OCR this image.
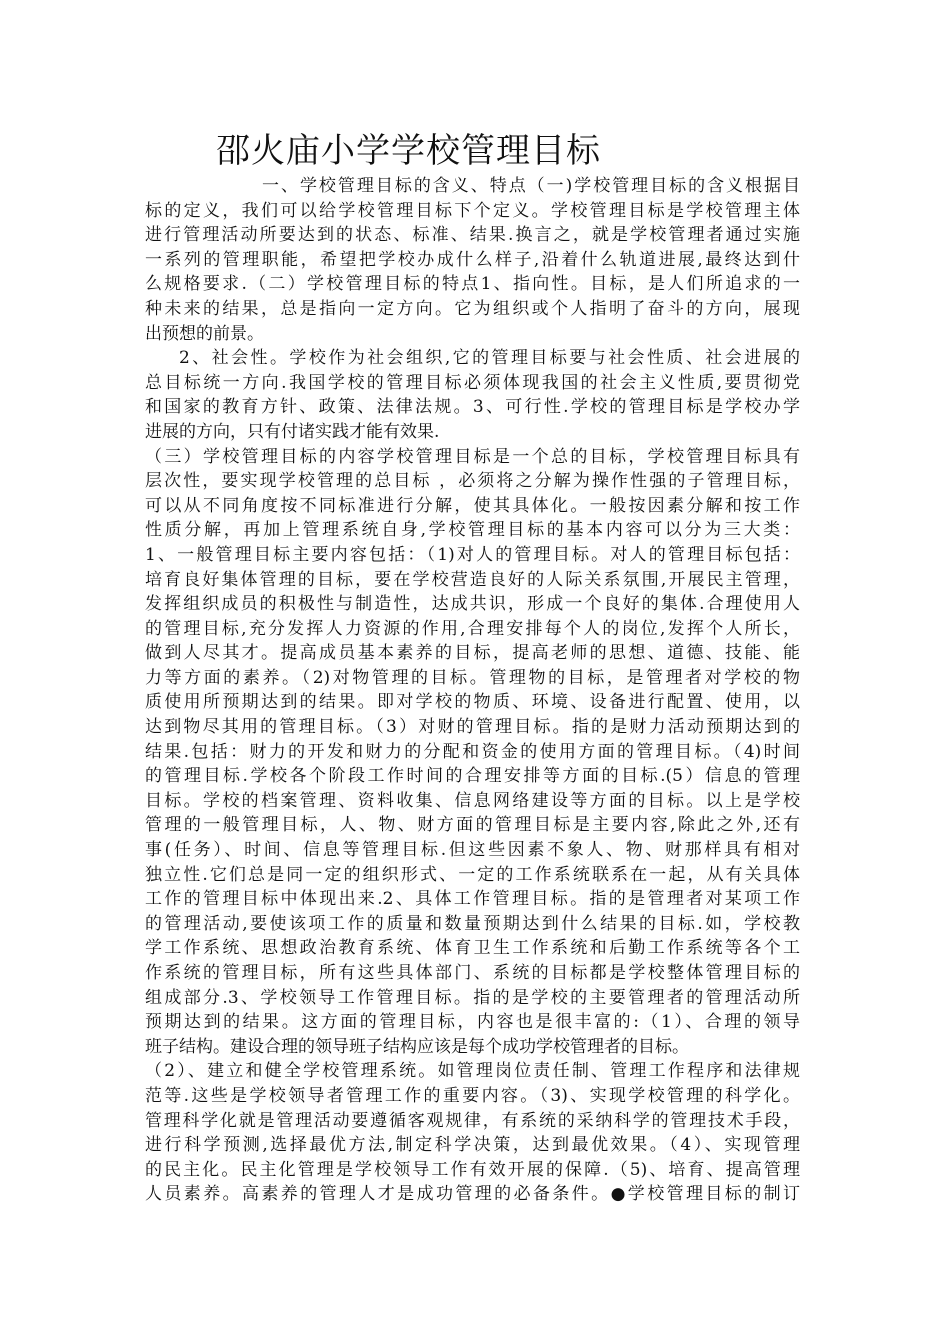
邵火庙小学学校管理目标
一、学校管理目标的含义、特点（一)学校管理目标的含义根据目
标的定义，我们可以给学校管理目标下个定义。学校管理目标是学校管理主体
进行管理活动所要达到的状态、标准、结果.换言之，就是学校管理者通过实施
一系列的管理职能，希望把学校办成什么样子,沿着什么轨道进展,最终达到什
么规格要求.（二）学校管理目标的特点1、指向性。目标，是人们所追求的一
种未来的结果，总是指向一定方向。它为组织或个人指明了奋斗的方向，展现
出预想的前景。
2、社会性。学校作为社会组织,它的管理目标要与社会性质、社会进展的
总目标统一方向.我国学校的管理目标必须体现我国的社会主义性质,要贯彻党
和国家的教育方针、政策、法律法规。3、可行性.学校的管理目标是学校办学
进展的方向，只有付诸实践才能有效果.
（三）学校管理目标的内容学校管理目标是一个总的目标，学校管理目标具有
层次性，要实现学校管理的总目标 ，必须将之分解为操作性强的子管理目标，
可以从不同角度按不同标准进行分解，使其具体化。一般按因素分解和按工作
性质分解，再加上管理系统自身,学校管理目标的基本内容可以分为三大类：
1、一般管理目标主要内容包括：（1)对人的管理目标。对人的管理目标包括：
培育良好集体管理的目标，要在学校营造良好的人际关系氛围,开展民主管理，
发挥组织成员的积极性与制造性，达成共识，形成一个良好的集体.合理使用人
的管理目标,充分发挥人力资源的作用,合理安排每个人的岗位,发挥个人所长，
做到人尽其才。提高成员基本素养的目标，提高老师的思想、道德、技能、能
力等方面的素养。（2)对物管理的目标。管理物的目标，是管理者对学校的物
质使用所预期达到的结果。即对学校的物质、环境、设备进行配置、使用，以
达到物尽其用的管理目标。（3）对财的管理目标。指的是财力活动预期达到的
结果.包括：财力的开发和财力的分配和资金的使用方面的管理目标。（4)时间
的管理目标.学校各个阶段工作时间的合理安排等方面的目标.(5）信息的管理
目标。学校的档案管理、资料收集、信息网络建设等方面的目标。以上是学校
管理的一般管理目标，人、物、财方面的管理目标是主要内容,除此之外,还有
事(任务）、时间、信息等管理目标.但这些因素不象人、物、财那样具有相对
独立性.它们总是同一定的组织形式、一定的工作系统联系在一起，从有关具体
工作的管理目标中体现出来.2、具体工作管理目标。指的是管理者对某项工作
的管理活动,要使该项工作的质量和数量预期达到什么结果的目标.如，学校教
学工作系统、思想政治教育系统、体育卫生工作系统和后勤工作系统等各个工
作系统的管理目标，所有这些具体部门、系统的目标都是学校整体管理目标的
组成部分.3、学校领导工作管理目标。指的是学校的主要管理者的管理活动所
预期达到的结果。这方面的管理目标，内容也是很丰富的:（1）、合理的领导
班子结构。建设合理的领导班子结构应该是每个成功学校管理者的目标。
（2）、建立和健全学校管理系统。如管理岗位责任制、管理工作程序和法律规
范等.这些是学校领导者管理工作的重要内容。（3)、实现学校管理的科学化。
管理科学化就是管理活动要遵循客观规律，有系统的采纳科学的管理技术手段，
进行科学预测,选择最优方法,制定科学决策，达到最优效果。（4）、实现管理
的民主化。民主化管理是学校领导工作有效开展的保障.（5)、培育、提高管理
人员素养。高素养的管理人才是成功管理的必备条件。●学校管理目标的制订
